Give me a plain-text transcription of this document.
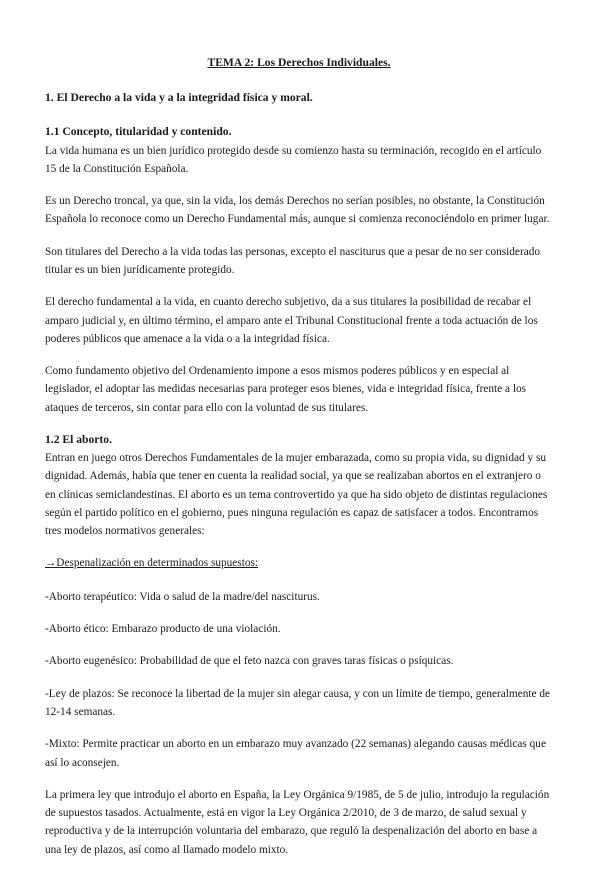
TEMA 2: Los Derechos Individuales.
1. El Derecho a la vida y a la integridad física y moral.
1.1 Concepto, titularidad y contenido.

La vida humana es un bien jurídico protegido desde su comienzo hasta su terminación, recogido en el artículo 15 de la Constitución Española.

Es un Derecho troncal, ya que, sin la vida, los demás Derechos no serían posibles, no obstante, la Constitución Española lo reconoce como un Derecho Fundamental más, aunque si comienza reconociéndolo en primer lugar.

Son titulares del Derecho a la vida todas las personas, excepto el nasciturus que a pesar de no ser considerado titular es un bien jurídicamente protegido.

El derecho fundamental a la vida, en cuanto derecho subjetivo, da a sus titulares la posibilidad de recabar el amparo judicial y, en último término, el amparo ante el Tribunal Constitucional frente a toda actuación de los poderes públicos que amenace a la vida o a la integridad física.

Como fundamento objetivo del Ordenamiento impone a esos mismos poderes públicos y en especial al legislador, el adoptar las medidas necesarias para proteger esos bienes, vida e integridad física, frente a los ataques de terceros, sin contar para ello con la voluntad de sus titulares.

1.2 El aborto.

Entran en juego otros Derechos Fundamentales de la mujer embarazada, como su propia vida, su dignidad y su dignidad. Además, había que tener en cuenta la realidad social, ya que se realizaban abortos en el extranjero o en clínicas semiclandestinas. El aborto es un tema controvertido ya que ha sido objeto de distintas regulaciones según el partido político en el gobierno, pues ninguna regulación es capaz de satisfacer a todos. Encontramos tres modelos normativos generales:

→Despenalización en determinados supuestos:
-Aborto terapéutico: Vida o salud de la madre/del nasciturus.
-Aborto ético: Embarazo producto de una violación.
-Aborto eugenésico: Probabilidad de que el feto nazca con graves taras físicas o psíquicas.
-Ley de plazos: Se reconoce la libertad de la mujer sin alegar causa, y con un límite de tiempo, generalmente de 12-14 semanas.
-Mixto: Permite practicar un aborto en un embarazo muy avanzado (22 semanas) alegando causas médicas que así lo aconsejen.

La primera ley que introdujo el aborto en España, la Ley Orgánica 9/1985, de 5 de julio, introdujo la regulación de supuestos tasados. Actualmente, está en vigor la Ley Orgánica 2/2010, de 3 de marzo, de salud sexual y reproductiva y de la interrupción voluntaria del embarazo, que reguló la despenalización del aborto en base a una ley de plazos, así como al llamado modelo mixto.
